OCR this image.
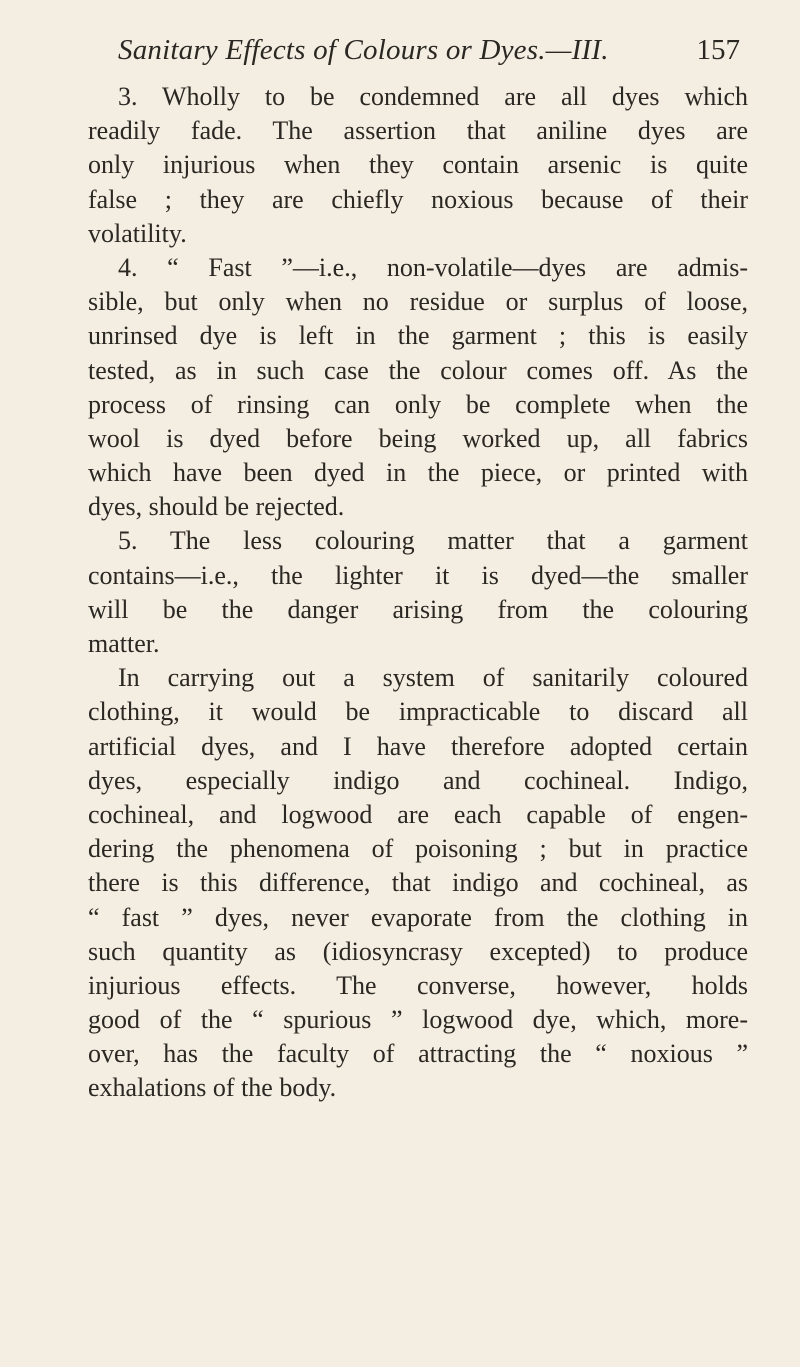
Sanitary Effects of Colours or Dyes.—III.	157
3. Wholly to be condemned are all dyes which
readily fade. The assertion that aniline dyes are
only injurious when they contain arsenic is quite
false ; they are chiefly noxious because of their
volatility.
4. “ Fast ”—i.e., non-volatile—dyes are admis-
sible, but only when no residue or surplus of loose,
unrinsed dye is left in the garment ; this is easily
tested, as in such case the colour comes off. As the
process of rinsing can only be complete when the
wool is dyed before being worked up, all fabrics
which have been dyed in the piece, or printed with
dyes, should be rejected.
5. The less colouring matter that a garment
contains—i.e., the lighter it is dyed—the smaller
will be the danger arising from the colouring
matter.
In carrying out a system of sanitarily coloured
clothing, it would be impracticable to discard all
artificial dyes, and I have therefore adopted certain
dyes, especially indigo and cochineal. Indigo,
cochineal, and logwood are each capable of engen-
dering the phenomena of poisoning ; but in practice
there is this difference, that indigo and cochineal, as
“ fast ” dyes, never evaporate from the clothing in
such quantity as (idiosyncrasy excepted) to produce
injurious effects. The converse, however, holds
good of the “ spurious ” logwood dye, which, more-
over, has the faculty of attracting the “ noxious ”
exhalations of the body.
